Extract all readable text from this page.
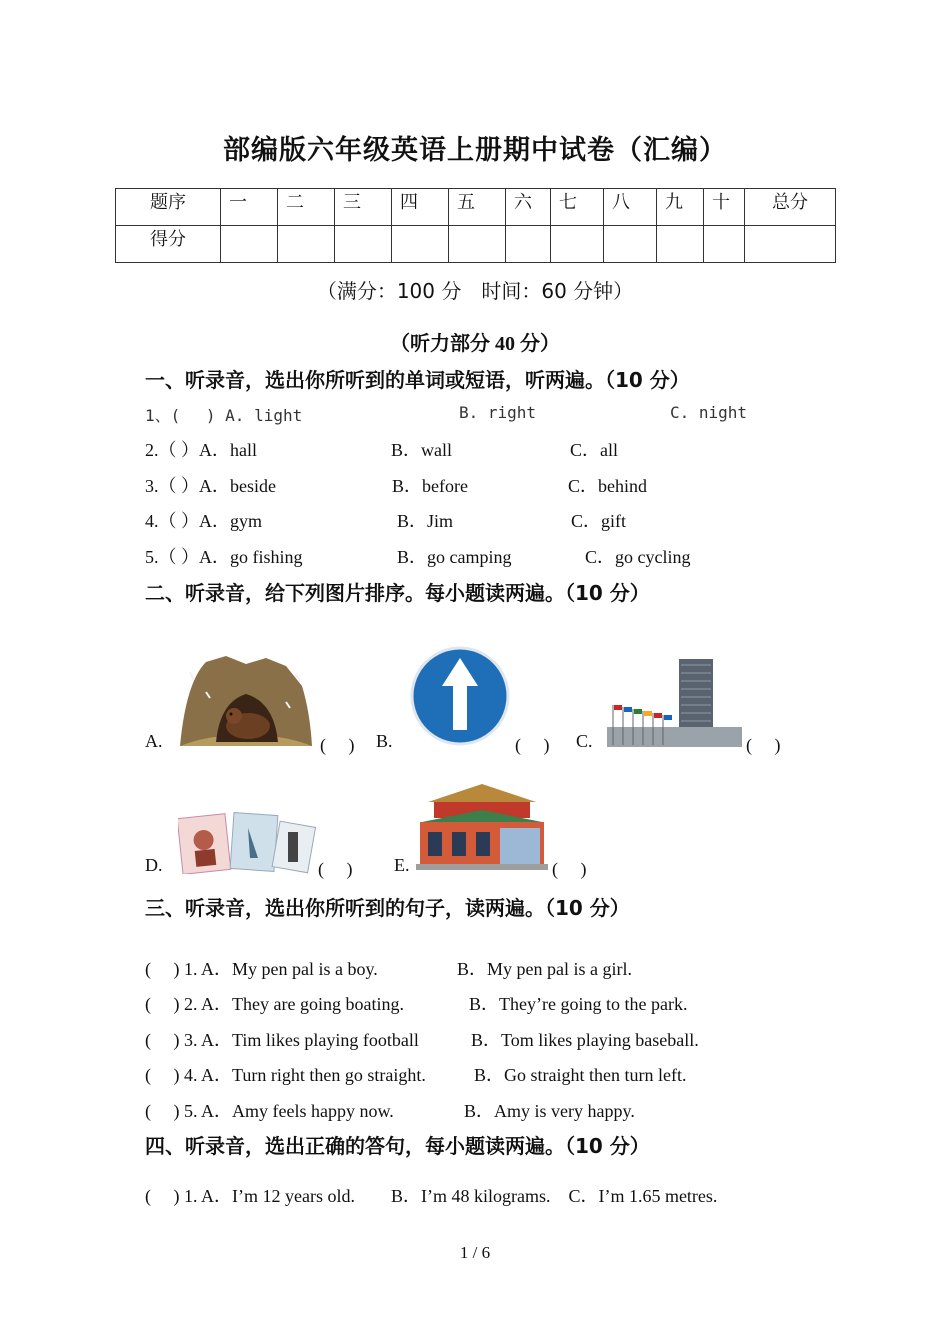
部编版六年级英语上册期中试卷（汇编）
题序	一	二	三	四	五	六	七	八	九	十	总分
得分											
（满分：100 分　时间：60 分钟）
（听力部分 40 分）
一、听录音，选出你所听到的单词或短语，听两遍。（10 分）
1、(　 ) A. light	B. right	C. night
2.（ ）A．hall	B．wall	C．all
3.（ ）A．beside	B．before	C．behind
4.（ ）A．gym	B．Jim	C．gift
5.（ ）A．go fishing	B．go camping	C．go cycling
二、听录音，给下列图片排序。每小题读两遍。（10 分）
A.	(　 ) B.	(　 ) C.	(　 )
D.	(　 ) E.	(　 )
三、听录音，选出你所听到的句子，读两遍。（10 分）
(　 ) 1. A．My pen pal is a boy.	B．My pen pal is a girl.
(　 ) 2. A．They are going boating.	B．They’re going to the park.
(　 ) 3. A．Tim likes playing football	B．Tom likes playing baseball.
(　 ) 4. A．Turn right then go straight.	B．Go straight then turn left.
(　 ) 5. A．Amy feels happy now.	B．Amy is very happy.
四、听录音，选出正确的答句，每小题读两遍。（10 分）
(　 ) 1. A．I’m 12 years old.　　B．I’m 48 kilograms.　C．I’m 1.65 metres.
1 / 6
